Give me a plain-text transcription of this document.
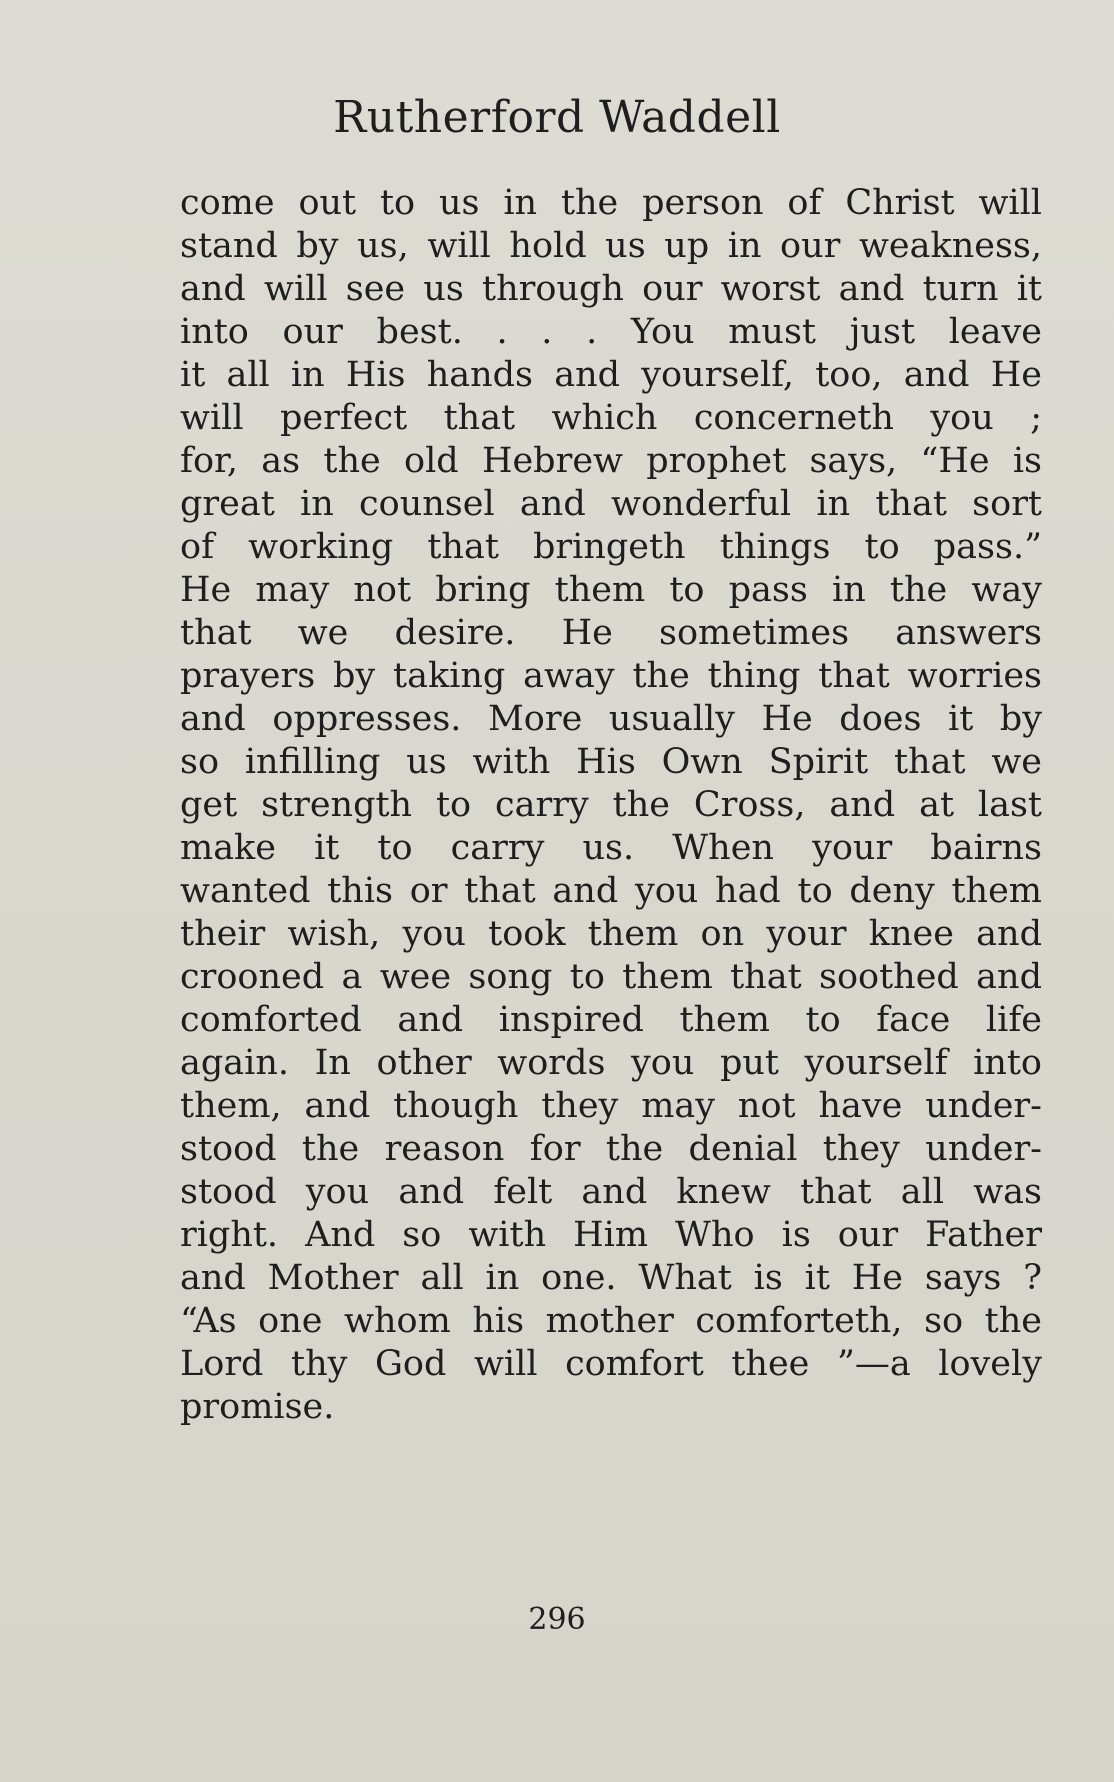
Rutherford Waddell
come out to us in the person of Christ will
stand by us, will hold us up in our weakness,
and will see us through our worst and turn it
into our best. . . . You must just leave
it all in His hands and yourself, too, and He
will perfect that which concerneth you ;
for, as the old Hebrew prophet says, “He is
great in counsel and wonderful in that sort
of working that bringeth things to pass.”
He may not bring them to pass in the way
that we desire. He sometimes answers
prayers by taking away the thing that worries
and oppresses. More usually He does it by
so infilling us with His Own Spirit that we
get strength to carry the Cross, and at last
make it to carry us. When your bairns
wanted this or that and you had to deny them
their wish, you took them on your knee and
crooned a wee song to them that soothed and
comforted and inspired them to face life
again. In other words you put yourself into
them, and though they may not have under-
stood the reason for the denial they under-
stood you and felt and knew that all was
right. And so with Him Who is our Father
and Mother all in one. What is it He says ?
“As one whom his mother comforteth, so the
Lord thy God will comfort thee ”—a lovely
promise.
296
